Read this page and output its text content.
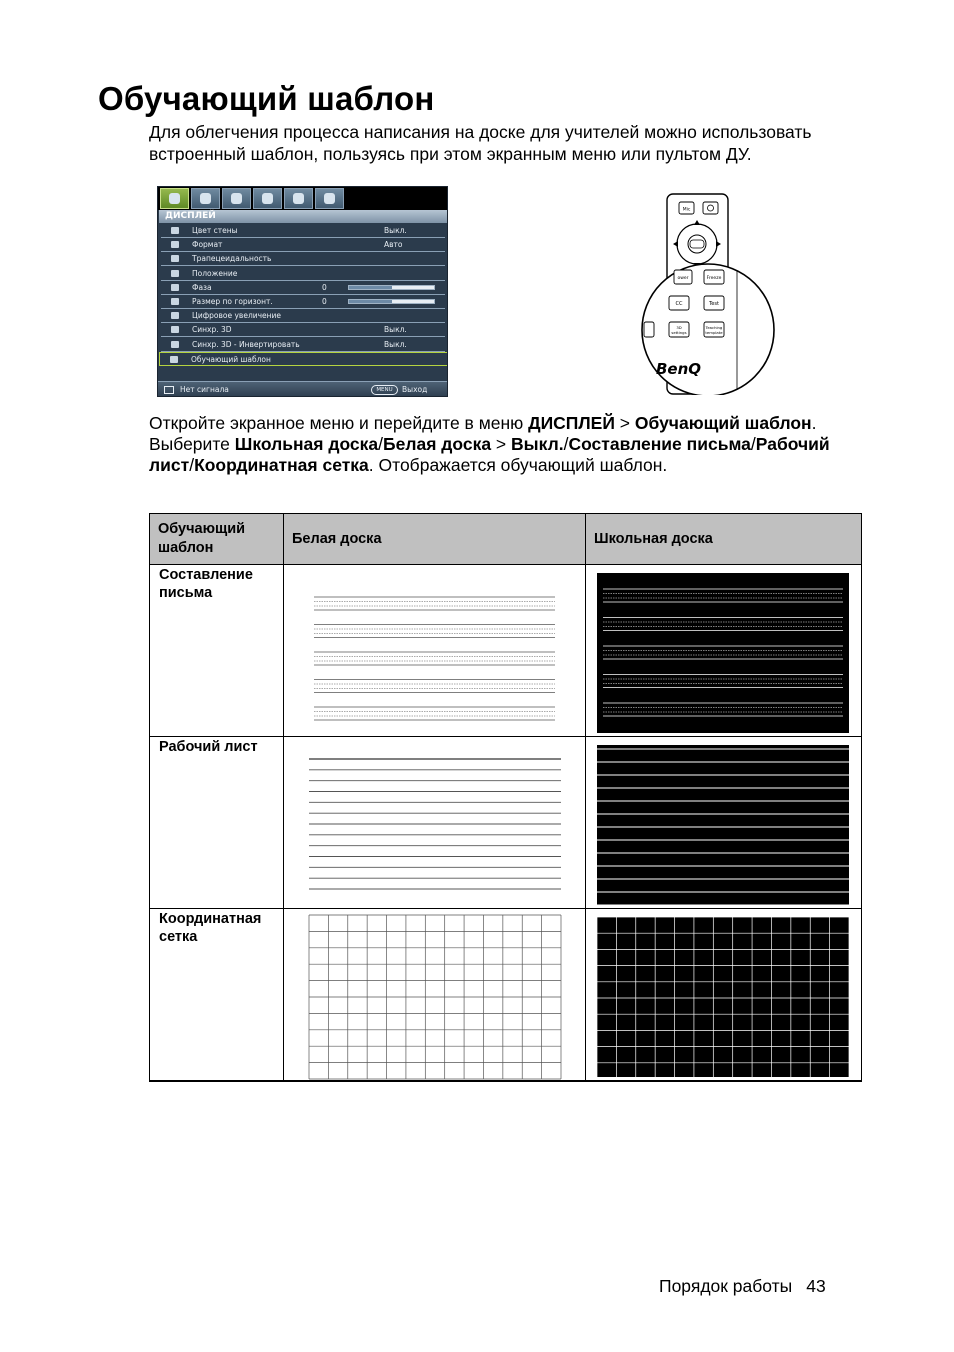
Обучающий шаблон
Для облегчения процесса написания на доске для учителей можно использовать встроенный шаблон, пользуясь при этом экранным меню или пультом ДУ.
ДИСПЛЕЙ
Цвет стены	Выкл.
Формат	Авто
Трапецеидальность
Положение
Фаза	0
Размер по горизонт.	0
Цифровое увеличение
Синхр. 3D	Выкл.
Синхр. 3D - Инвертировать	Выкл.
Обучающий шаблон
Нет сигнала	MENU	Выход
Mic
ower	Freeze
CC	Test
3D
settings
Teaching
template
BenQ
Откройте экранное меню и перейдите в меню ДИСПЛЕЙ > Обучающий шаблон. Выберите Школьная доска/Белая доска > Выкл./Составление письма/Рабочий лист/Координатная сетка. Отображается обучающий шаблон.
Обучающий шаблон	Белая доска	Школьная доска
Составление письма	

Рабочий лист	

Координатная сетка	

Порядок работы 43
